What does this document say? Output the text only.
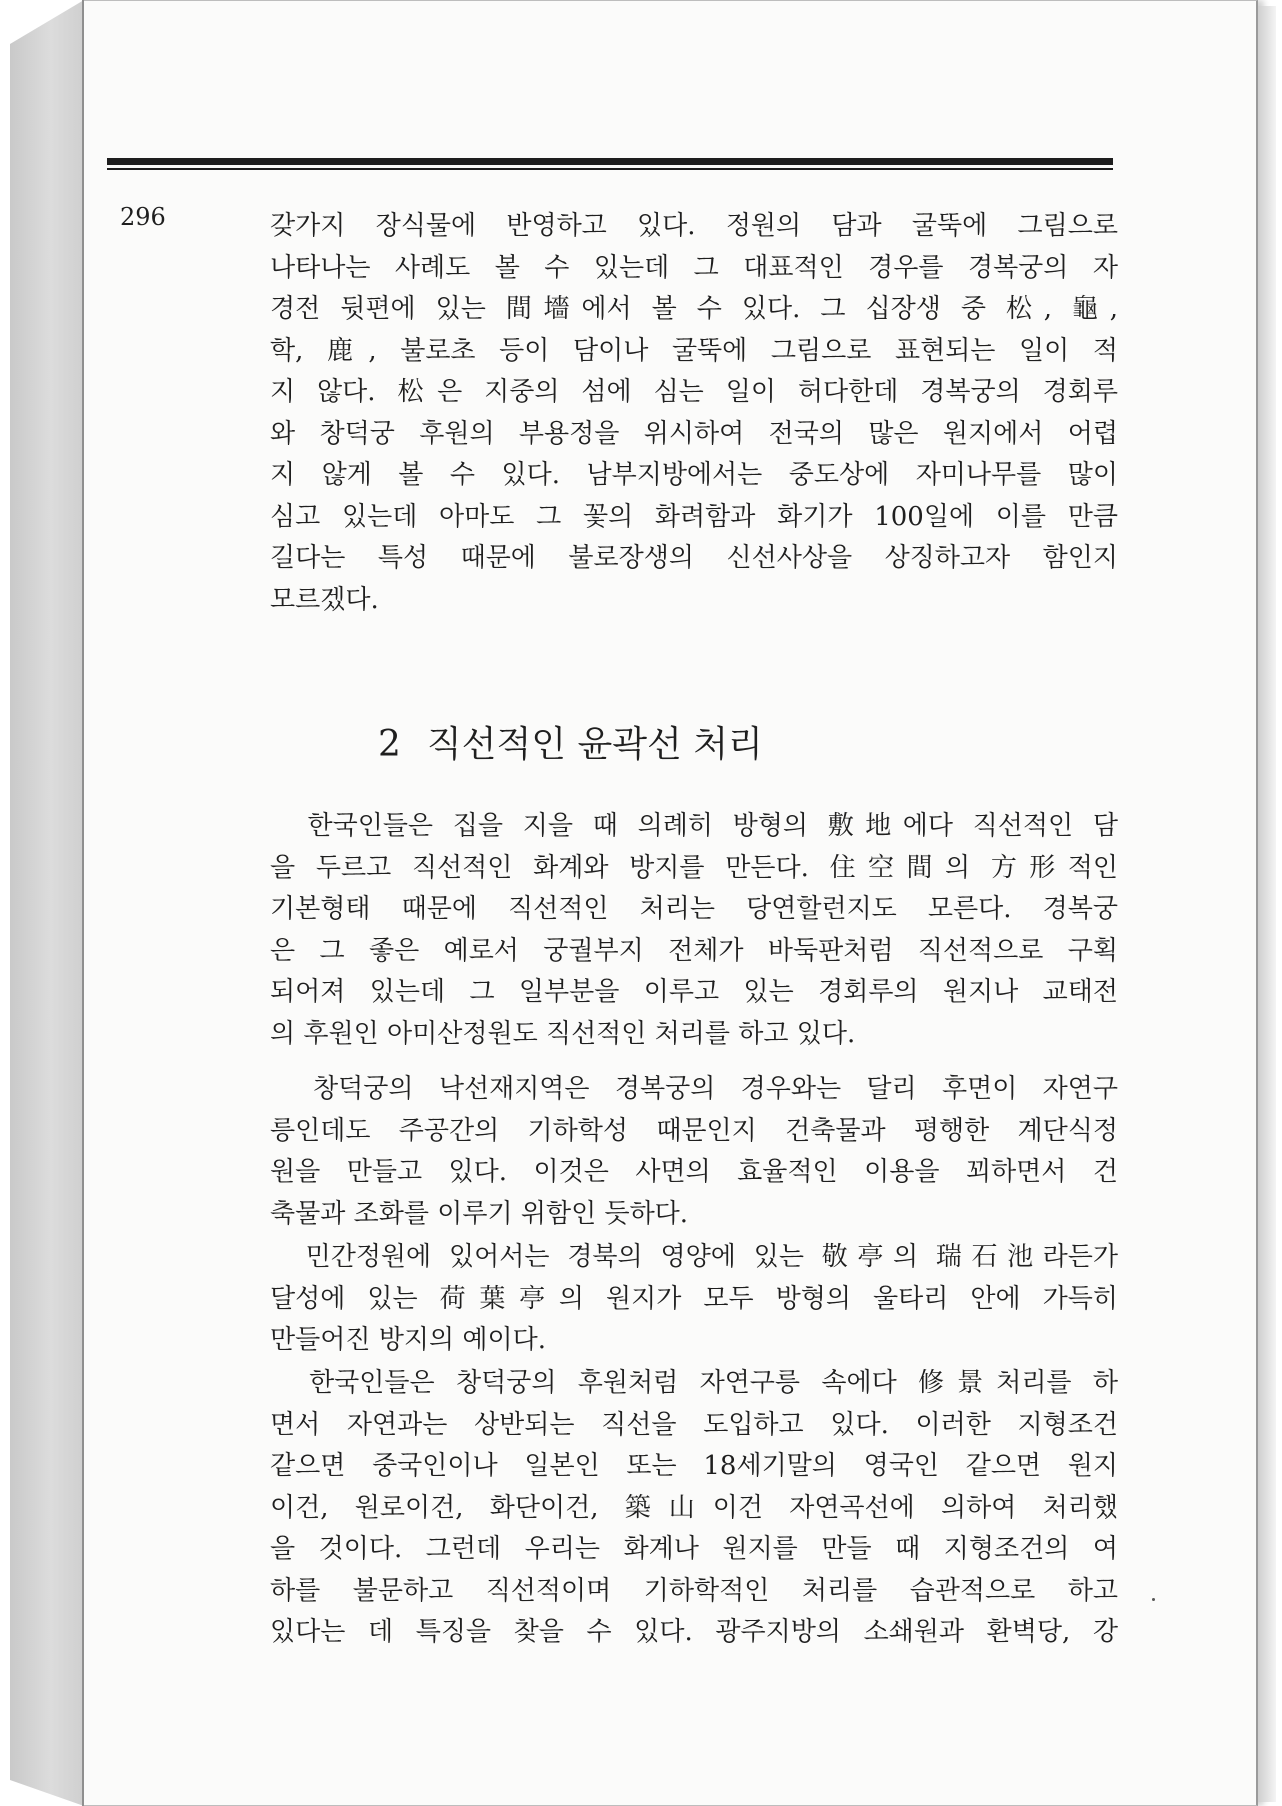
296	갖가지 장식물에 반영하고 있다. 정원의 담과 굴뚝에 그림으로
나타나는 사례도 볼 수 있는데 그 대표적인 경우를 경복궁의 자
경전 뒷편에 있는 間墻에서 볼 수 있다. 그 십장생 중 松, 龜,
학, 鹿, 불로초 등이 담이나 굴뚝에 그림으로 표현되는 일이 적
지 않다. 松은 지중의 섬에 심는 일이 허다한데 경복궁의 경회루
와 창덕궁 후원의 부용정을 위시하여 전국의 많은 원지에서 어렵
지 않게 볼 수 있다. 남부지방에서는 중도상에 자미나무를 많이
심고 있는데 아마도 그 꽃의 화려함과 화기가 100일에 이를 만큼
길다는 특성 때문에 불로장생의 신선사상을 상징하고자 함인지
모르겠다.
2 직선적인 윤곽선 처리
　한국인들은 집을 지을 때 의례히 방형의 敷地에다 직선적인 담
을 두르고 직선적인 화계와 방지를 만든다. 住空間의 方形적인
기본형태 때문에 직선적인 처리는 당연할런지도 모른다. 경복궁
은 그 좋은 예로서 궁궐부지 전체가 바둑판처럼 직선적으로 구획
되어져 있는데 그 일부분을 이루고 있는 경회루의 원지나 교태전
의 후원인 아미산정원도 직선적인 처리를 하고 있다.
　창덕궁의 낙선재지역은 경복궁의 경우와는 달리 후면이 자연구
릉인데도 주공간의 기하학성 때문인지 건축물과 평행한 계단식정
원을 만들고 있다. 이것은 사면의 효율적인 이용을 꾀하면서 건
축물과 조화를 이루기 위함인 듯하다.
　민간정원에 있어서는 경북의 영양에 있는 敬亭의 瑞石池라든가
달성에 있는 荷葉亭의 원지가 모두 방형의 울타리 안에 가득히
만들어진 방지의 예이다.
　한국인들은 창덕궁의 후원처럼 자연구릉 속에다 修景처리를 하
면서 자연과는 상반되는 직선을 도입하고 있다. 이러한 지형조건
같으면 중국인이나 일본인 또는 18세기말의 영국인 같으면 원지
이건, 원로이건, 화단이건, 築山이건 자연곡선에 의하여 처리했
을 것이다. 그런데 우리는 화계나 원지를 만들 때 지형조건의 여
하를 불문하고 직선적이며 기하학적인 처리를 습관적으로 하고
있다는 데 특징을 찾을 수 있다. 광주지방의 소쇄원과 환벽당, 강
